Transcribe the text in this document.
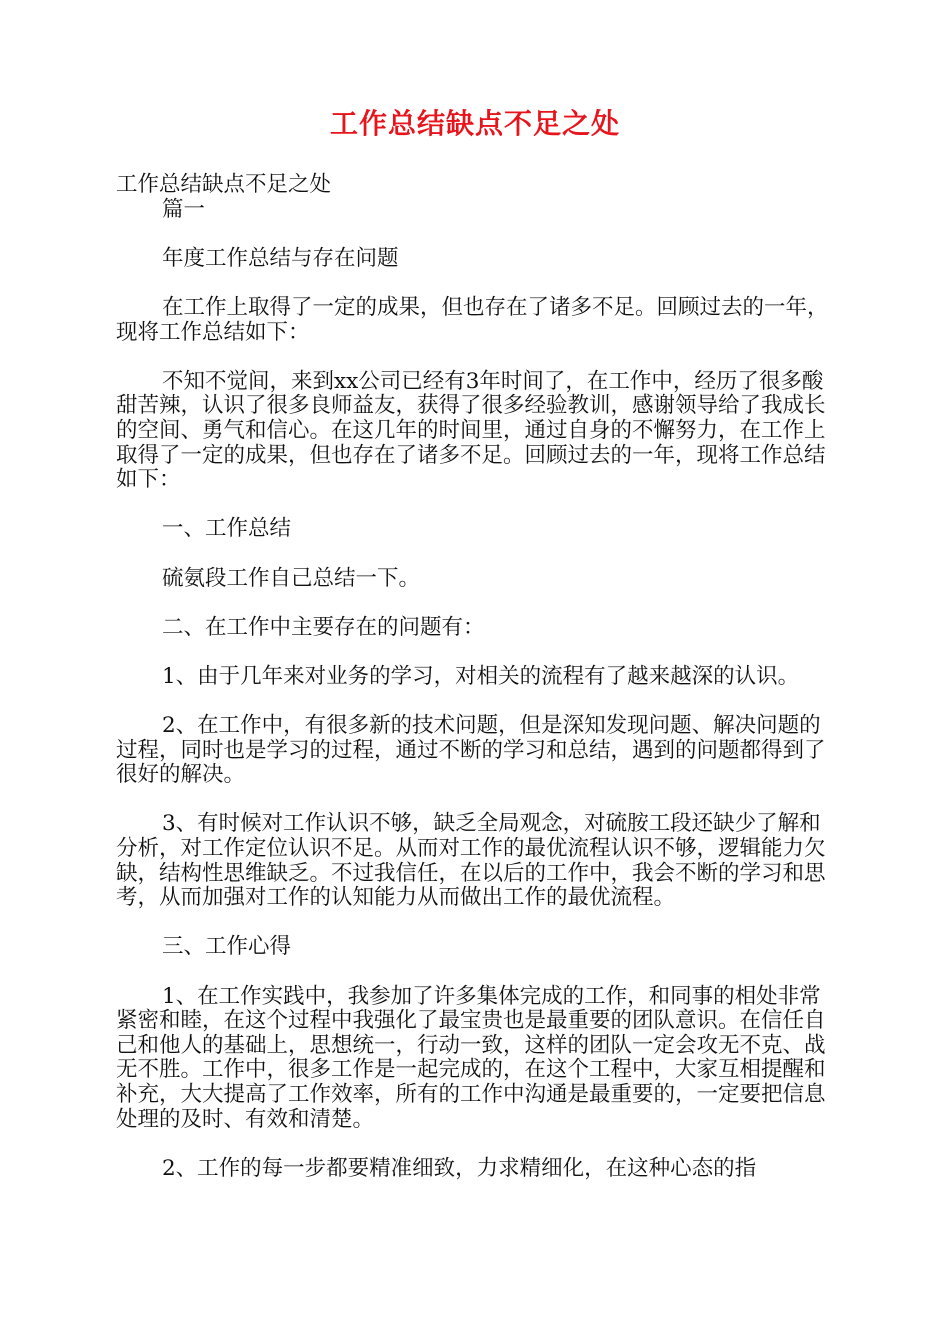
工作总结缺点不足之处

工作总结缺点不足之处

篇一

年度工作总结与存在问题

在工作上取得了一定的成果，但也存在了诸多不足。回顾过去的一年，现将工作总结如下：

不知不觉间，来到xx公司已经有3年时间了，在工作中，经历了很多酸甜苦辣，认识了很多良师益友，获得了很多经验教训，感谢领导给了我成长的空间、勇气和信心。在这几年的时间里，通过自身的不懈努力，在工作上取得了一定的成果，但也存在了诸多不足。回顾过去的一年，现将工作总结如下：

一、工作总结

硫氨段工作自己总结一下。

二、在工作中主要存在的问题有：

1、由于几年来对业务的学习，对相关的流程有了越来越深的认识。

2、在工作中，有很多新的技术问题，但是深知发现问题、解决问题的过程，同时也是学习的过程，通过不断的学习和总结，遇到的问题都得到了很好的解决。

3、有时候对工作认识不够，缺乏全局观念，对硫胺工段还缺少了解和分析，对工作定位认识不足。从而对工作的最优流程认识不够，逻辑能力欠缺，结构性思维缺乏。不过我信任，在以后的工作中，我会不断的学习和思考，从而加强对工作的认知能力从而做出工作的最优流程。

三、工作心得

1、在工作实践中，我参加了许多集体完成的工作，和同事的相处非常紧密和睦，在这个过程中我强化了最宝贵也是最重要的团队意识。在信任自己和他人的基础上，思想统一，行动一致，这样的团队一定会攻无不克、战无不胜。工作中，很多工作是一起完成的，在这个工程中，大家互相提醒和补充，大大提高了工作效率，所有的工作中沟通是最重要的，一定要把信息处理的及时、有效和清楚。

2、工作的每一步都要精准细致，力求精细化，在这种心态的指
